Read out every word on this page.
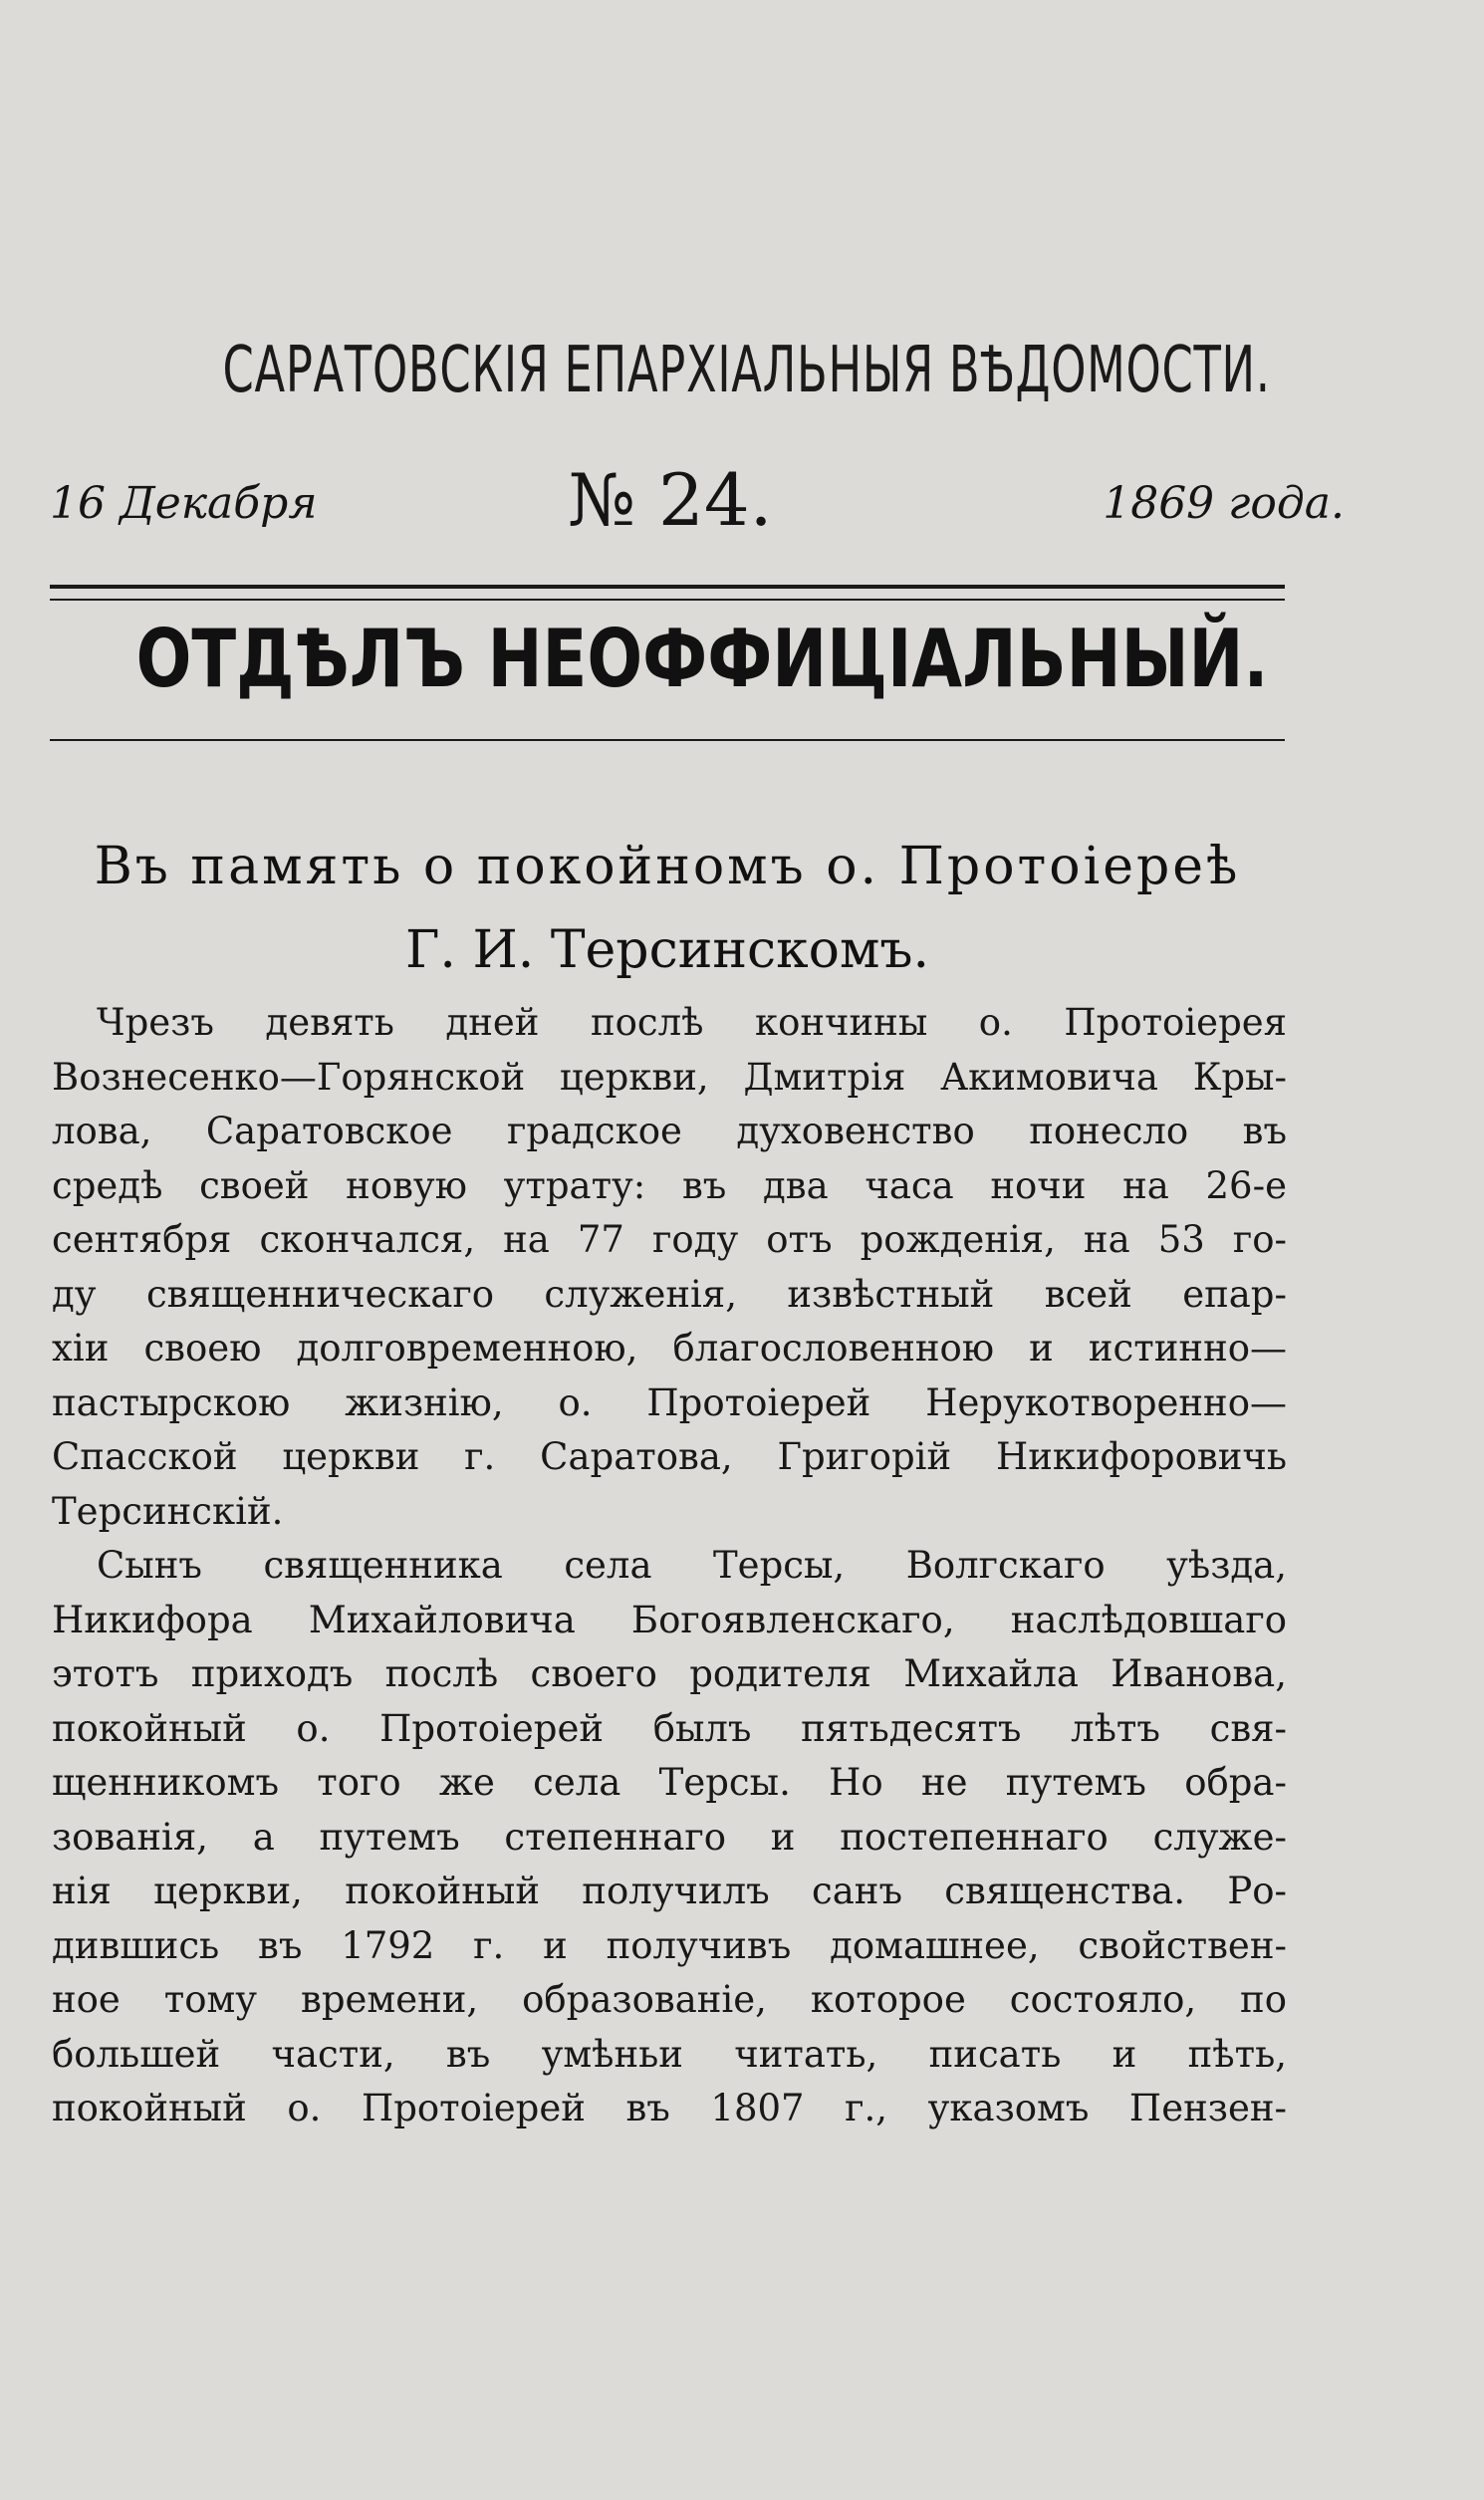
САРАТОВСКІЯ ЕПАРХІАЛЬНЫЯ ВѢДОМОСТИ.
16 Декабря	№ 24.	1869 года.
ОТДѢЛЪ НЕОФФИЦІАЛЬНЫЙ.
Въ память о покойномъ о. Протоіереѣ
Г. И. Терсинскомъ.
Чрезъ девять дней послѣ кончины о. Протоіерея
Вознесенко—Горянской церкви, Дмитрія Акимовича Кры-
лова, Саратовское градское духовенство понесло въ
средѣ своей новую утрату: въ два часа ночи на 26-е
сентября скончался, на 77 году отъ рожденія, на 53 го-
ду священническаго служенія, извѣстный всей епар-
хіи своею долговременною, благословенною и истинно—
пастырскою жизнію, о. Протоіерей Нерукотворенно—
Спасской церкви г. Саратова, Григорій Никифоровичь
Терсинскій.
Сынъ священника села Терсы, Волгскаго уѣзда,
Никифора Михайловича Богоявленскаго, наслѣдовшаго
этотъ приходъ послѣ своего родителя Михайла Иванова,
покойный о. Протоіерей былъ пятьдесятъ лѣтъ свя-
щенникомъ того же села Терсы. Но не путемъ обра-
зованія, а путемъ степеннаго и постепеннаго служе-
нія церкви, покойный получилъ санъ священства. Ро-
дившись въ 1792 г. и получивъ домашнее, свойствен-
ное тому времени, образованіе, которое состояло, по
большей части, въ умѣньи читать, писать и пѣть,
покойный о. Протоіерей въ 1807 г., указомъ Пензен-
